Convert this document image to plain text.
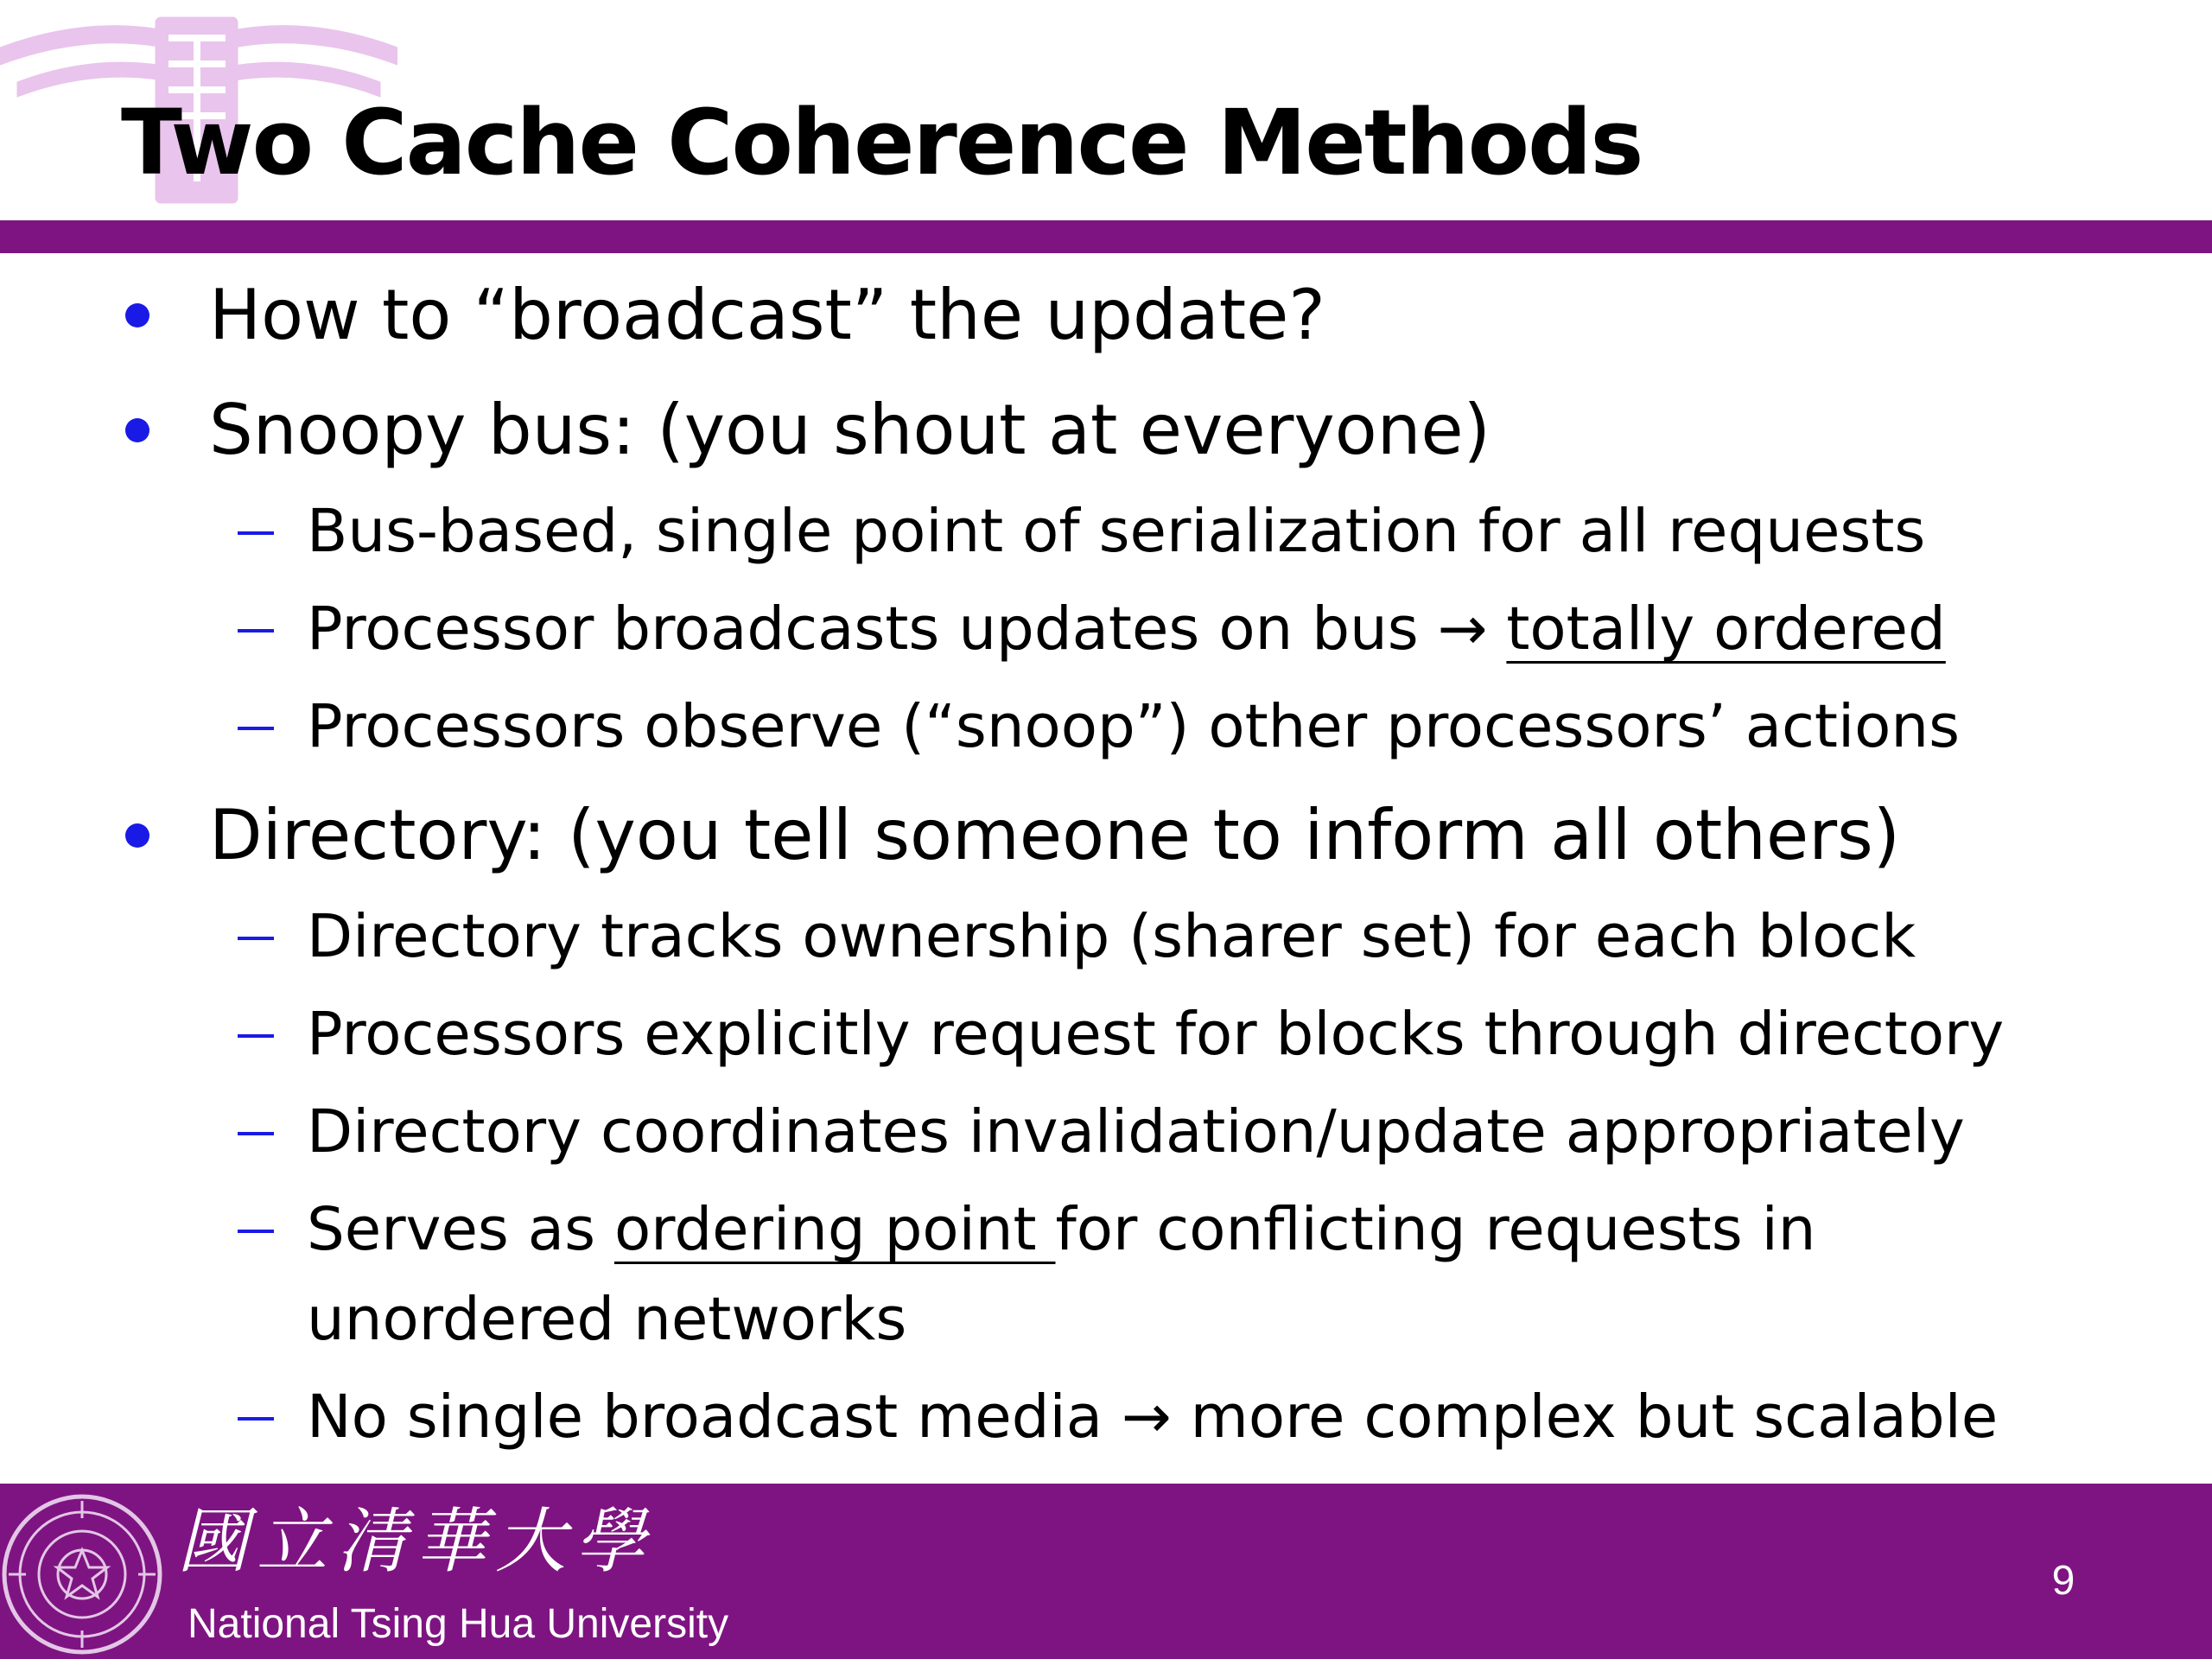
Two Cache Coherence Methods
How to “broadcast” the update?
Snoopy bus: (you shout at everyone)
Bus-based, single point of serialization for all requests
Processor broadcasts updates on bus → totally ordered
Processors observe (“snoop”) other processors’ actions
Directory: (you tell someone to inform all others)
Directory tracks ownership (sharer set) for each block
Processors explicitly request for blocks through directory
Directory coordinates invalidation/update appropriately
Serves as ordering point for conflicting requests in
unordered networks
No single broadcast media → more complex but scalable
國立清華大學
National Tsing Hua University
9
